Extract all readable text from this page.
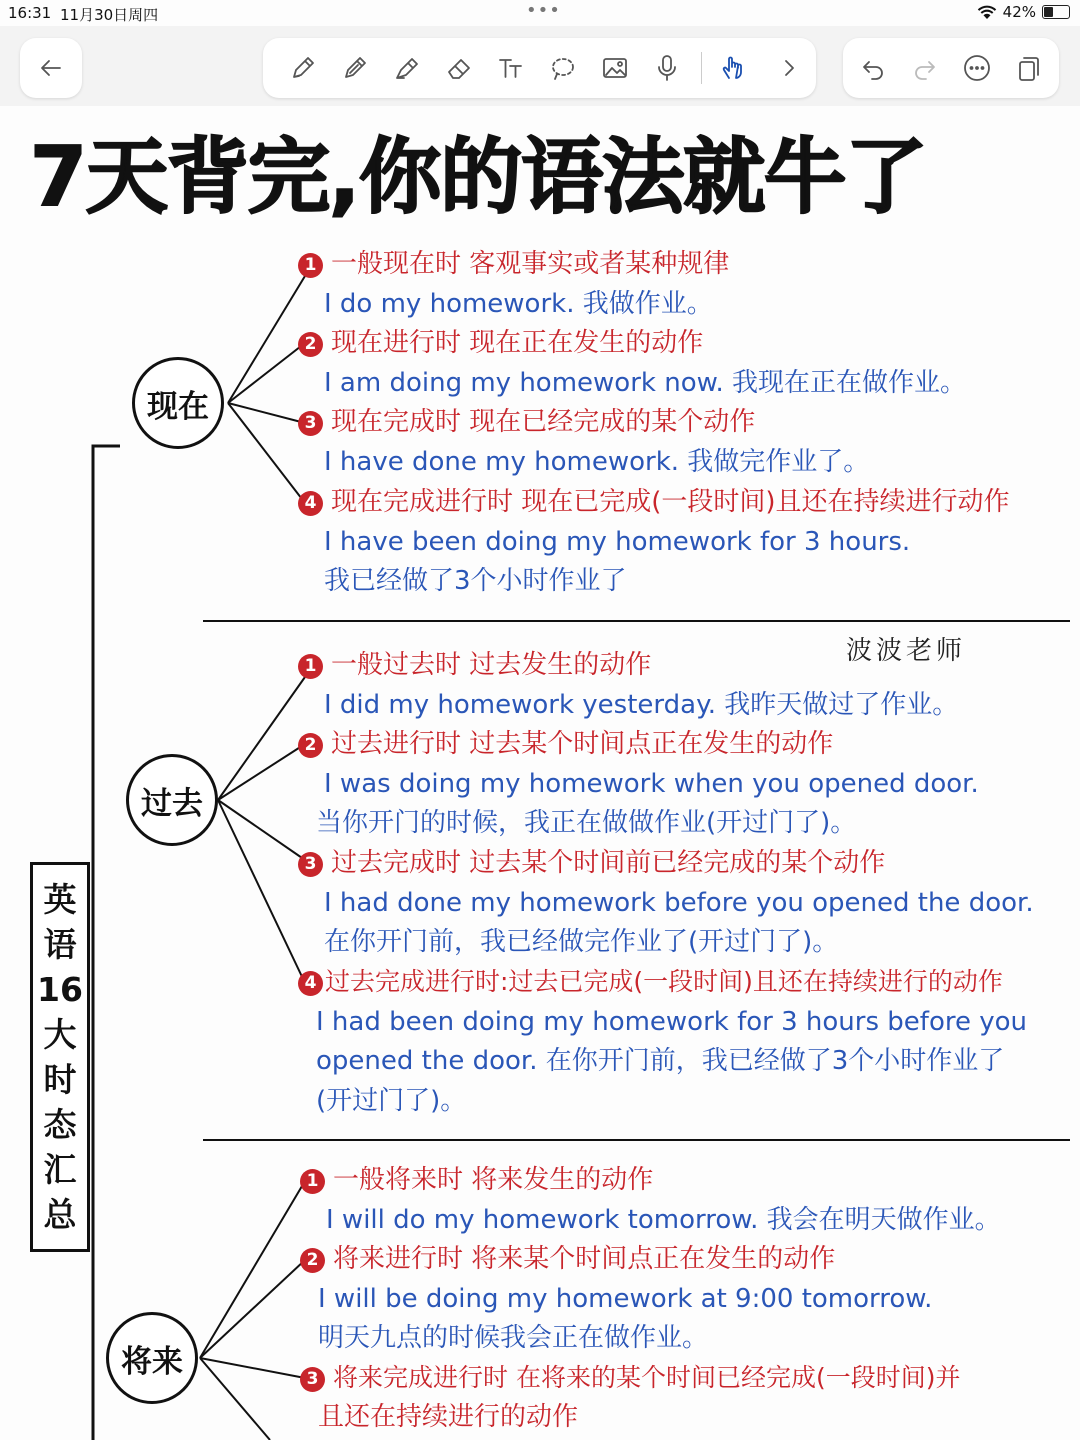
16:31 11月30日周四	•••	42%
7天背完,你的语法就牛了
英
语
16
大
时
态
汇
总
现在
过去
将来
1 一般现在时 客观事实或者某种规律
I do my homework. 我做作业。
2 现在进行时 现在正在发生的动作
I am doing my homework now. 我现在正在做作业。
3 现在完成时 现在已经完成的某个动作
I have done my homework. 我做完作业了。
4 现在完成进行时 现在已完成(一段时间)且还在持续进行动作
I have been doing my homework for 3 hours.
我已经做了3个小时作业了
波波老师
1 一般过去时 过去发生的动作
I did my homework yesterday. 我昨天做过了作业。
2 过去进行时 过去某个时间点正在发生的动作
I was doing my homework when you opened door.
当你开门的时候，我正在做做作业(开过门了)。
3 过去完成时 过去某个时间前已经完成的某个动作
I had done my homework before you opened the door.
在你开门前，我已经做完作业了(开过门了)。
4 过去完成进行时:过去已完成(一段时间)且还在持续进行的动作
I had been doing my homework for 3 hours before you
opened the door. 在你开门前，我已经做了3个小时作业了
(开过门了)。
1 一般将来时 将来发生的动作
I will do my homework tomorrow. 我会在明天做作业。
2 将来进行时 将来某个时间点正在发生的动作
I will be doing my homework at 9:00 tomorrow.
明天九点的时候我会正在做作业。
3 将来完成进行时 在将来的某个时间已经完成(一段时间)并
且还在持续进行的动作
